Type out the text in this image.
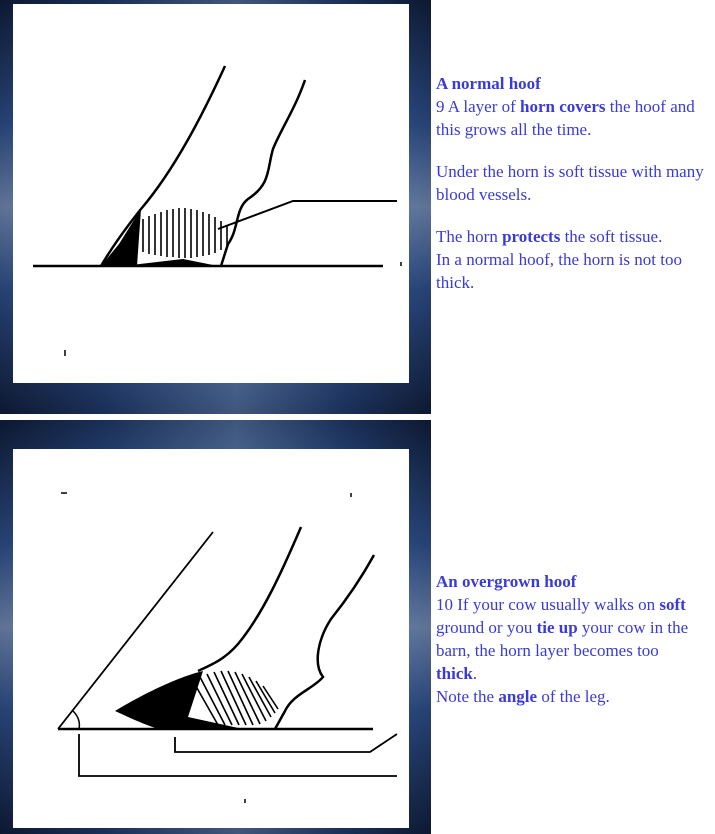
A normal hoof

9 A layer of horn covers the hoof and this grows all the time.

Under the horn is soft tissue with many blood vessels.

The horn protects the soft tissue.

In a normal hoof, the horn is not too thick.

An overgrown hoof

10 If your cow usually walks on soft ground or you tie up your cow in the barn, the horn layer becomes too thick.

Note the angle of the leg.
